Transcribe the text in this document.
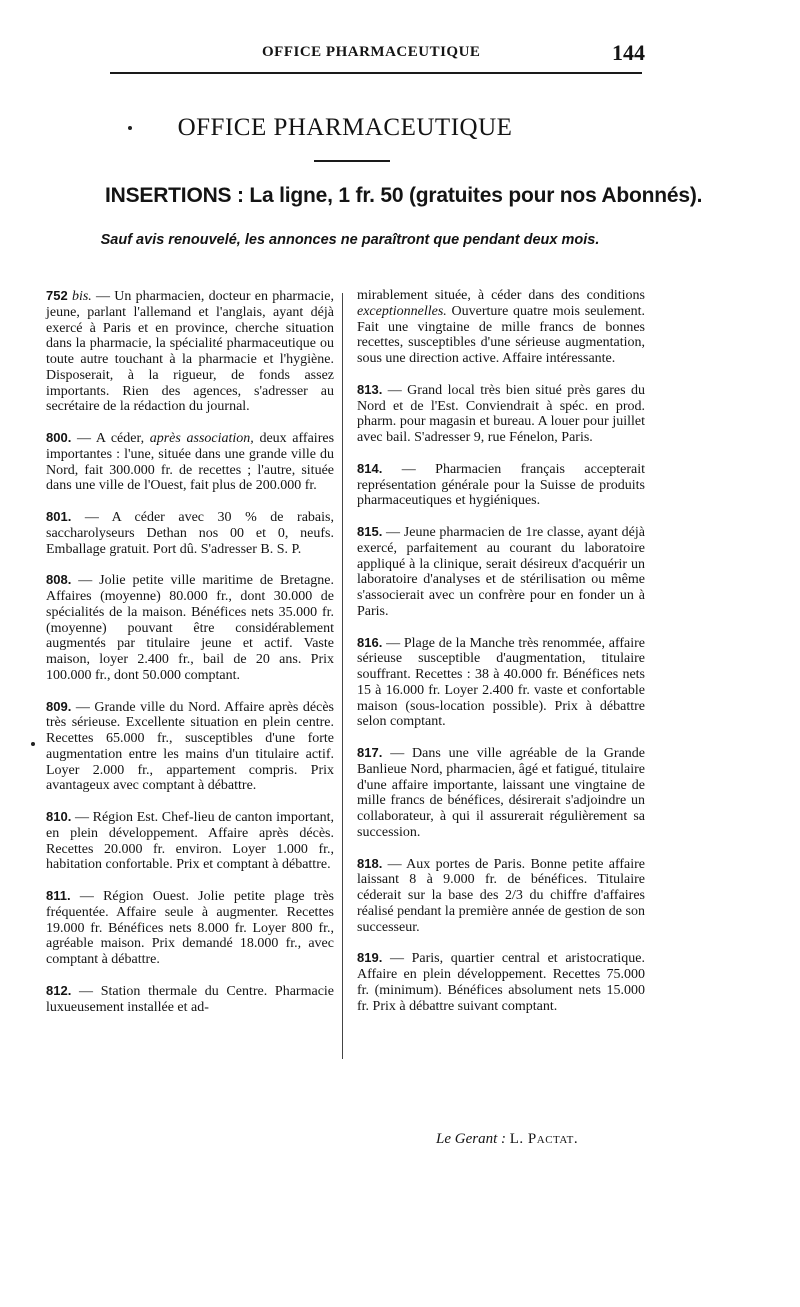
OFFICE PHARMACEUTIQUE	144
OFFICE PHARMACEUTIQUE
INSERTIONS : La ligne, 1 fr. 50 (gratuites pour nos Abonnés).
Sauf avis renouvelé, les annonces ne paraîtront que pendant deux mois.

752 bis. — Un pharmacien, docteur en pharmacie, jeune, parlant l'allemand et l'anglais, ayant déjà exercé à Paris et en province, cherche situation dans la pharmacie, la spécialité pharmaceutique ou toute autre touchant à la pharmacie et l'hygiène. Disposerait, à la rigueur, de fonds assez importants. Rien des agences, s'adresser au secrétaire de la rédaction du journal.

800. — A céder, après association, deux affaires importantes : l'une, située dans une grande ville du Nord, fait 300.000 fr. de recettes ; l'autre, située dans une ville de l'Ouest, fait plus de 200.000 fr.

801. — A céder avec 30 % de rabais, saccharolyseurs Dethan nos 00 et 0, neufs. Emballage gratuit. Port dû. S'adresser B. S. P.

808. — Jolie petite ville maritime de Bretagne. Affaires (moyenne) 80.000 fr., dont 30.000 de spécialités de la maison. Bénéfices nets 35.000 fr. (moyenne) pouvant être considérablement augmentés par titulaire jeune et actif. Vaste maison, loyer 2.400 fr., bail de 20 ans. Prix 100.000 fr., dont 50.000 comptant.

809. — Grande ville du Nord. Affaire après décès très sérieuse. Excellente situation en plein centre. Recettes 65.000 fr., susceptibles d'une forte augmentation entre les mains d'un titulaire actif. Loyer 2.000 fr., appartement compris. Prix avantageux avec comptant à débattre.

810. — Région Est. Chef-lieu de canton important, en plein développement. Affaire après décès. Recettes 20.000 fr. environ. Loyer 1.000 fr., habitation confortable. Prix et comptant à débattre.

811. — Région Ouest. Jolie petite plage très fréquentée. Affaire seule à augmenter. Recettes 19.000 fr. Bénéfices nets 8.000 fr. Loyer 800 fr., agréable maison. Prix demandé 18.000 fr., avec comptant à débattre.

812. — Station thermale du Centre. Pharmacie luxueusement installée et ad-

mirablement située, à céder dans des conditions exceptionnelles. Ouverture quatre mois seulement. Fait une vingtaine de mille francs de bonnes recettes, susceptibles d'une sérieuse augmentation, sous une direction active. Affaire intéressante.

813. — Grand local très bien situé près gares du Nord et de l'Est. Conviendrait à spéc. en prod. pharm. pour magasin et bureau. A louer pour juillet avec bail. S'adresser 9, rue Fénelon, Paris.

814. — Pharmacien français accepterait représentation générale pour la Suisse de produits pharmaceutiques et hygiéniques.

815. — Jeune pharmacien de 1re classe, ayant déjà exercé, parfaitement au courant du laboratoire appliqué à la clinique, serait désireux d'acquérir un laboratoire d'analyses et de stérilisation ou même s'associerait avec un confrère pour en fonder un à Paris.

816. — Plage de la Manche très renommée, affaire sérieuse susceptible d'augmentation, titulaire souffrant. Recettes : 38 à 40.000 fr. Bénéfices nets 15 à 16.000 fr. Loyer 2.400 fr. vaste et confortable maison (sous-location possible). Prix à débattre selon comptant.

817. — Dans une ville agréable de la Grande Banlieue Nord, pharmacien, âgé et fatigué, titulaire d'une affaire importante, laissant une vingtaine de mille francs de bénéfices, désirerait s'adjoindre un collaborateur, à qui il assurerait régulièrement sa succession.

818. — Aux portes de Paris. Bonne petite affaire laissant 8 à 9.000 fr. de bénéfices. Titulaire céderait sur la base des 2/3 du chiffre d'affaires réalisé pendant la première année de gestion de son successeur.

819. — Paris, quartier central et aristocratique. Affaire en plein développement. Recettes 75.000 fr. (minimum). Bénéfices absolument nets 15.000 fr. Prix à débattre suivant comptant.

Le Gerant : L. Pactat.
